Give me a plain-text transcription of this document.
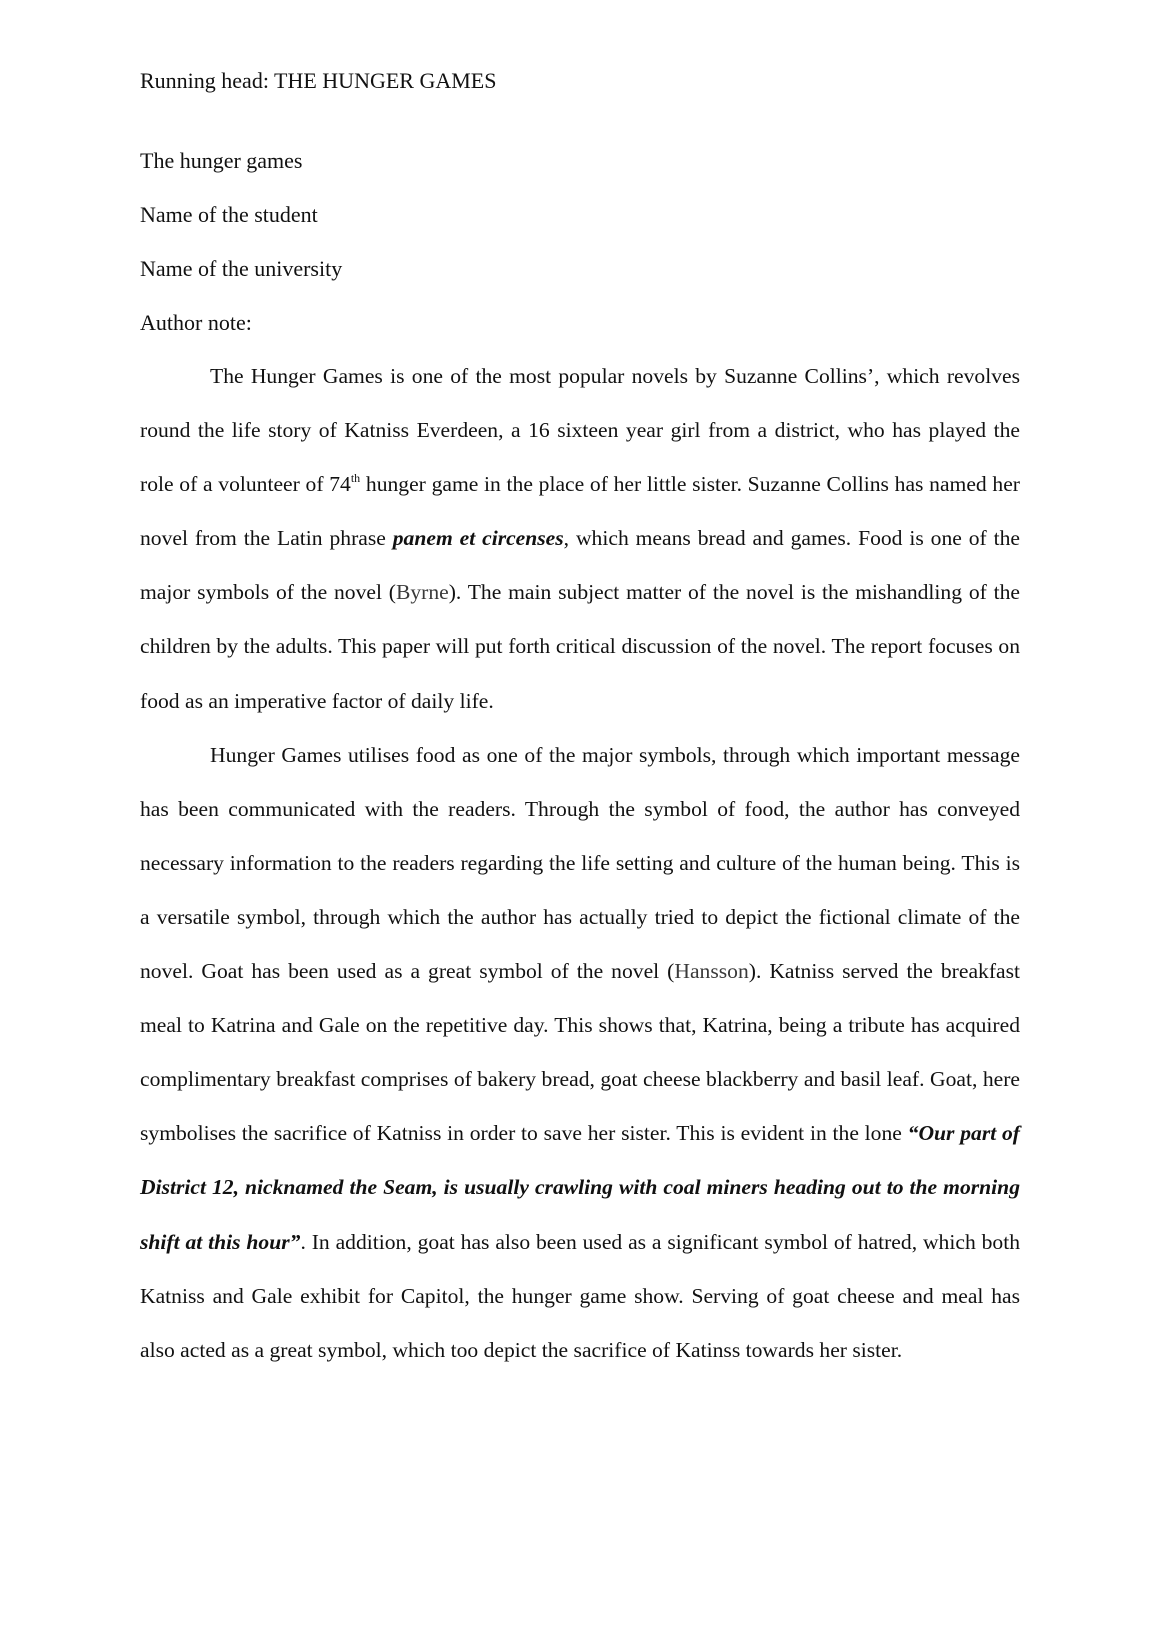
Running head: THE HUNGER GAMES
The hunger games
Name of the student
Name of the university
Author note:

The Hunger Games is one of the most popular novels by Suzanne Collins’, which revolves round the life story of Katniss Everdeen, a 16 sixteen year girl from a district, who has played the role of a volunteer of 74th hunger game in the place of her little sister. Suzanne Collins has named her novel from the Latin phrase panem et circenses, which means bread and games. Food is one of the major symbols of the novel (Byrne). The main subject matter of the novel is the mishandling of the children by the adults. This paper will put forth critical discussion of the novel. The report focuses on food as an imperative factor of daily life.

Hunger Games utilises food as one of the major symbols, through which important message has been communicated with the readers. Through the symbol of food, the author has conveyed necessary information to the readers regarding the life setting and culture of the human being. This is a versatile symbol, through which the author has actually tried to depict the fictional climate of the novel. Goat has been used as a great symbol of the novel (Hansson). Katniss served the breakfast meal to Katrina and Gale on the repetitive day. This shows that, Katrina, being a tribute has acquired complimentary breakfast comprises of bakery bread, goat cheese blackberry and basil leaf. Goat, here symbolises the sacrifice of Katniss in order to save her sister. This is evident in the lone “Our part of District 12, nicknamed the Seam, is usually crawling with coal miners heading out to the morning shift at this hour”. In addition, goat has also been used as a significant symbol of hatred, which both Katniss and Gale exhibit for Capitol, the hunger game show. Serving of goat cheese and meal has also acted as a great symbol, which too depict the sacrifice of Katinss towards her sister.
